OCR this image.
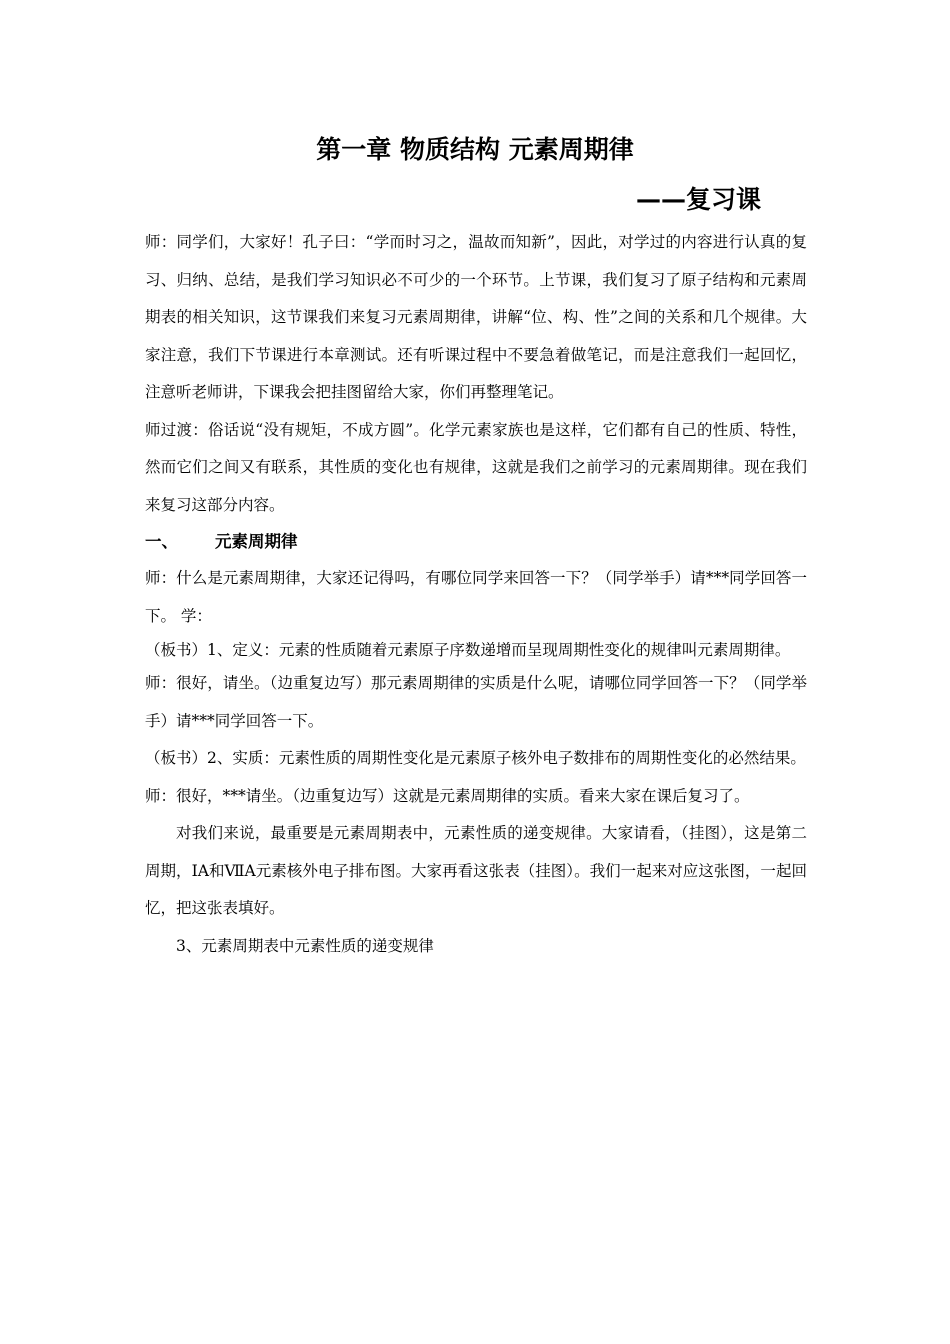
第一章 物质结构 元素周期律
——复习课

师：同学们，大家好！孔子曰：“学而时习之，温故而知新”，因此，对学过的内容进行认真的复习、归纳、总结，是我们学习知识必不可少的一个环节。上节课，我们复习了原子结构和元素周期表的相关知识，这节课我们来复习元素周期律，讲解“位、构、性”之间的关系和几个规律。大家注意，我们下节课进行本章测试。还有听课过程中不要急着做笔记，而是注意我们一起回忆，注意听老师讲，下课我会把挂图留给大家，你们再整理笔记。

师过渡：俗话说“没有规矩，不成方圆”。化学元素家族也是这样，它们都有自己的性质、特性，然而它们之间又有联系，其性质的变化也有规律，这就是我们之前学习的元素周期律。现在我们来复习这部分内容。

一、 元素周期律

师：什么是元素周期律，大家还记得吗，有哪位同学来回答一下？（同学举手）请***同学回答一下。 学：

（板书）1、定义：元素的性质随着元素原子序数递增而呈现周期性变化的规律叫元素周期律。

师：很好，请坐。（边重复边写）那元素周期律的实质是什么呢，请哪位同学回答一下？（同学举手）请***同学回答一下。

（板书）2、实质：元素性质的周期性变化是元素原子核外电子数排布的周期性变化的必然结果。

师：很好，***请坐。（边重复边写）这就是元素周期律的实质。看来大家在课后复习了。

对我们来说，最重要是元素周期表中，元素性质的递变规律。大家请看，（挂图），这是第二周期，ⅠA和ⅦA元素核外电子排布图。大家再看这张表（挂图）。我们一起来对应这张图，一起回忆，把这张表填好。

3、元素周期表中元素性质的递变规律
